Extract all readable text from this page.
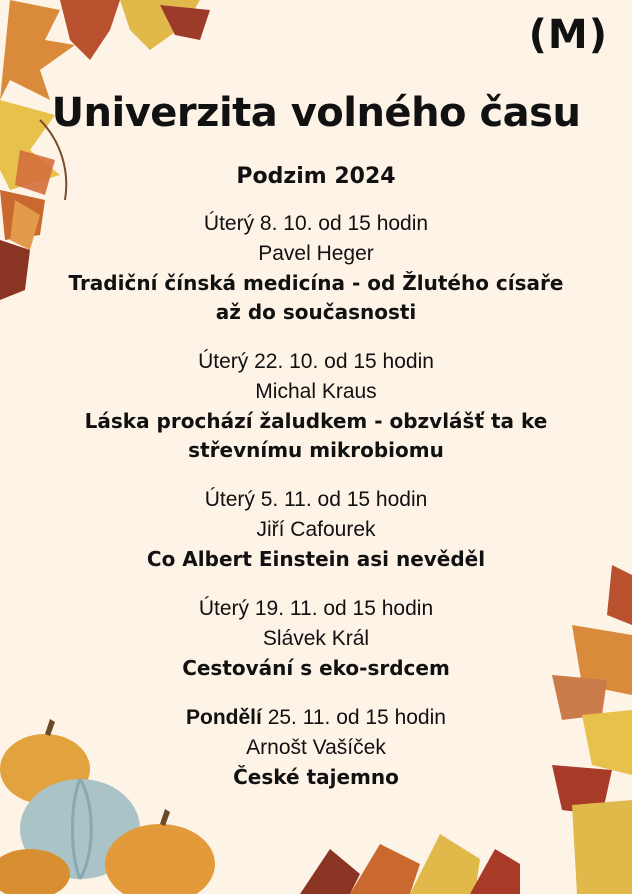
(M)
Univerzita volného času
Podzim 2024
Úterý 8. 10. od 15 hodin
Pavel Heger
Tradiční čínská medicína - od Žlutého císaře
až do současnosti
Úterý 22. 10. od 15 hodin
Michal Kraus
Láska prochází žaludkem - obzvlášť ta ke
střevnímu mikrobiomu
Úterý 5. 11. od 15 hodin
Jiří Cafourek
Co Albert Einstein asi nevěděl
Úterý 19. 11. od 15 hodin
Slávek Král
Cestování s eko-srdcem
Pondělí 25. 11. od 15 hodin
Arnošt Vašíček
České tajemno
